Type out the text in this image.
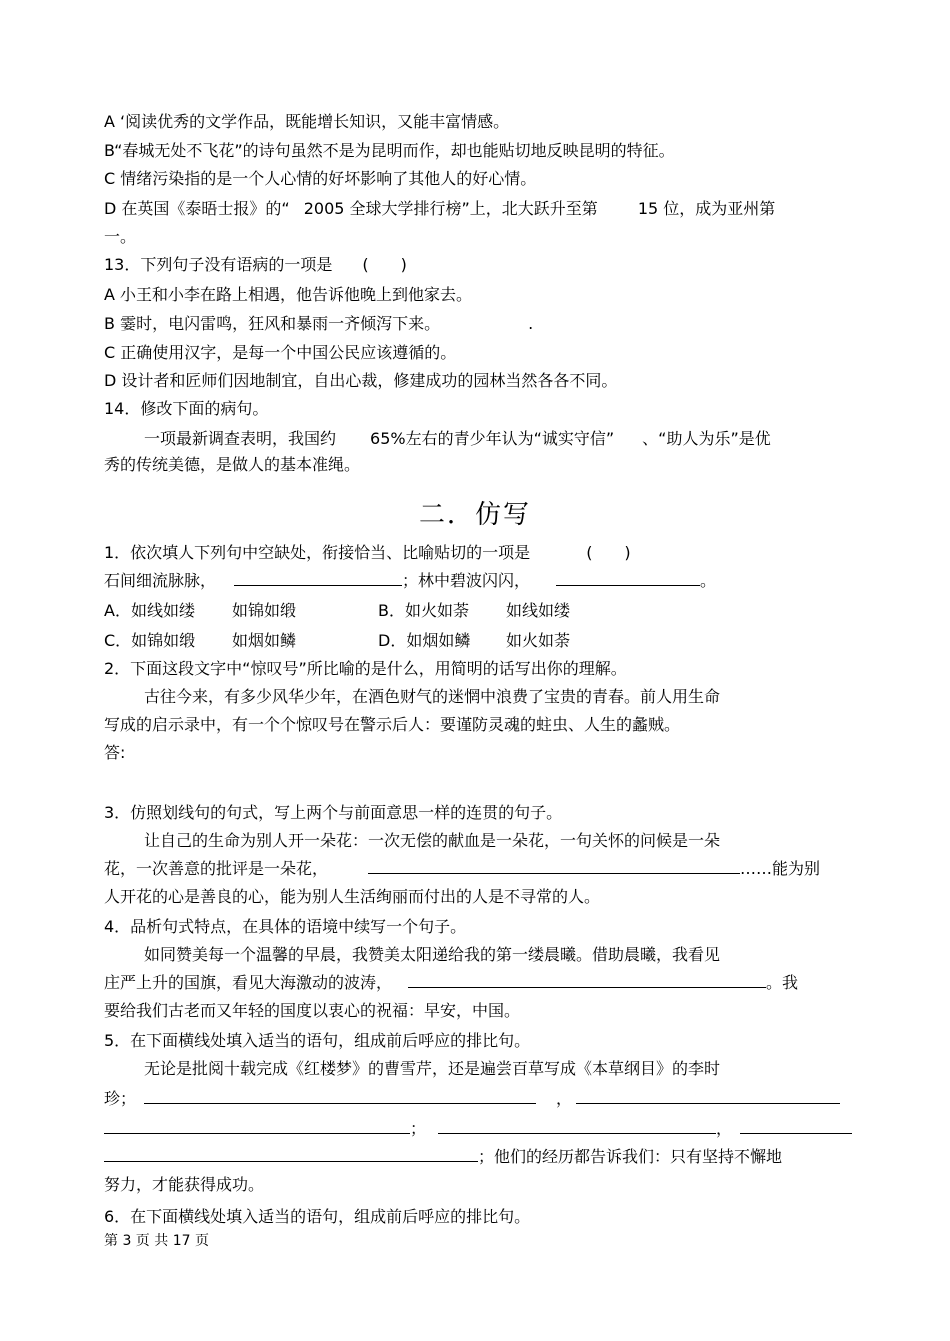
A ‘阅读优秀的文学作品，既能增长知识，又能丰富情感。
B“春城无处不飞花”的诗句虽然不是为昆明而作，却也能贴切地反映昆明的特征。
C 情绪污染指的是一个人心情的好坏影响了其他人的好心情。
D 在英国《泰晤士报》的“ 2005 全球大学排行榜”上，北大跃升至第	15 位，成为亚州第
一。
13．下列句子没有语病的一项是 (　　)
A 小王和小李在路上相遇，他告诉他晚上到他家去。
B 霎时，电闪雷鸣，狂风和暴雨一齐倾泻下来。	.
C 正确使用汉字，是每一个中国公民应该遵循的。
D 设计者和匠师们因地制宜，自出心裁，修建成功的园林当然各各不同。
14．修改下面的病句。
一项最新调查表明，我国约 65%左右的青少年认为“诚实守信” 、“助人为乐”是优
秀的传统美德，是做人的基本准绳。
二．仿写
1．依次填人下列句中空缺处，衔接恰当、比喻贴切的一项是	(　　)
石间细流脉脉，	；林中碧波闪闪，	。
A．如线如缕 如锦如缎	B．如火如荼 如线如缕
C．如锦如缎 如烟如鳞	D．如烟如鳞 如火如荼
2．下面这段文字中“惊叹号”所比喻的是什么，用简明的话写出你的理解。
古往今来，有多少风华少年，在酒色财气的迷惘中浪费了宝贵的青春。前人用生命
写成的启示录中，有一个个惊叹号在警示后人：要谨防灵魂的蛀虫、人生的蠡贼。
答:
3．仿照划线句的句式，写上两个与前面意思一样的连贯的句子。
让自己的生命为别人开一朵花：一次无偿的献血是一朵花，一句关怀的问候是一朵
花，一次善意的批评是一朵花，	……能为别
人开花的心是善良的心，能为别人生活绚丽而付出的人是不寻常的人。
4．品析句式特点，在具体的语境中续写一个句子。
如同赞美每一个温馨的早晨，我赞美太阳递给我的第一缕晨曦。借助晨曦，我看见
庄严上升的国旗，看见大海激动的波涛，	。我
要给我们古老而又年轻的国度以衷心的祝福：早安，中国。
5．在下面横线处填入适当的语句，组成前后呼应的排比句。
无论是批阅十载完成《红楼梦》的曹雪芹，还是遍尝百草写成《本草纲目》的李时
珍；	，
；	，
；他们的经历都告诉我们：只有坚持不懈地
努力，才能获得成功。
6．在下面横线处填入适当的语句，组成前后呼应的排比句。
第 3 页 共 17 页
